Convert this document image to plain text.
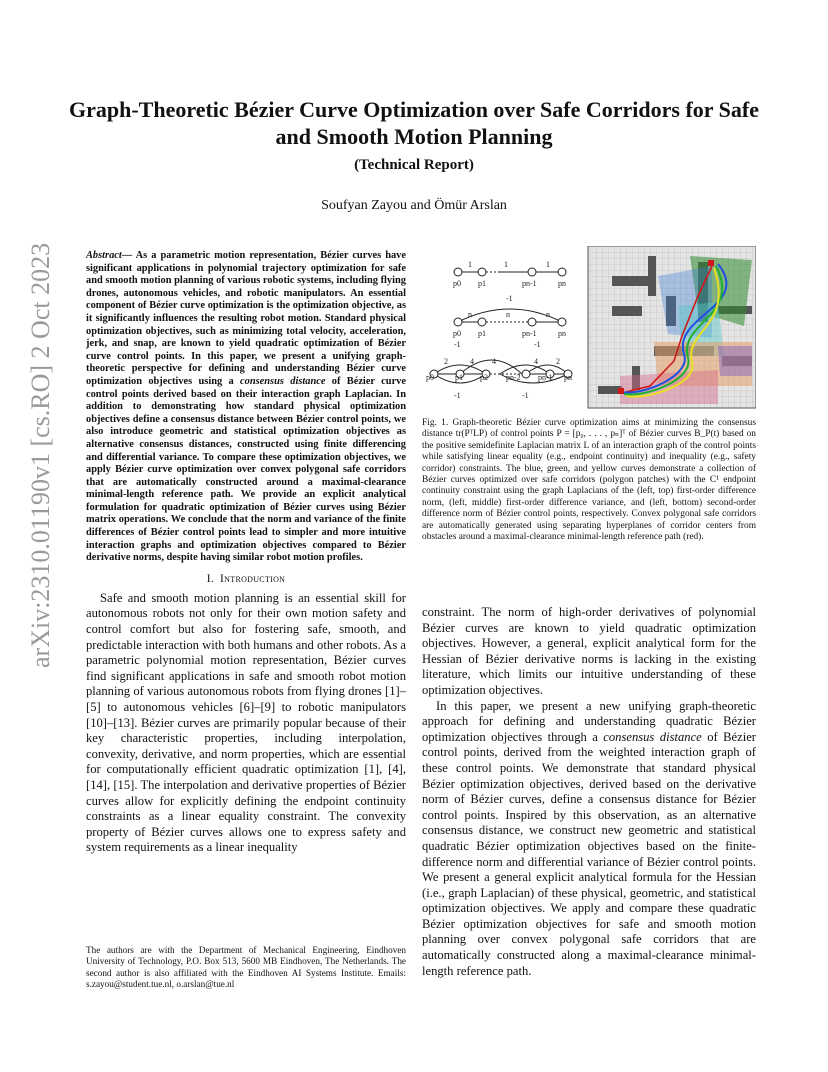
arXiv:2310.01190v1 [cs.RO] 2 Oct 2023
Graph-Theoretic Bézier Curve Optimization over Safe Corridors for Safe and Smooth Motion Planning
(Technical Report)
Soufyan Zayou and Ömür Arslan

Abstract— As a parametric motion representation, Bézier curves have significant applications in polynomial trajectory optimization for safe and smooth motion planning of various robotic systems, including flying drones, autonomous vehicles, and robotic manipulators. An essential component of Bézier curve optimization is the optimization objective, as it significantly influences the resulting robot motion. Standard physical optimization objectives, such as minimizing total velocity, acceleration, jerk, and snap, are known to yield quadratic optimization of Bézier curve control points. In this paper, we present a unifying graph-theoretic perspective for defining and understanding Bézier curve optimization objectives using a consensus distance of Bézier curve control points derived based on their interaction graph Laplacian. In addition to demonstrating how standard physical optimization objectives define a consensus distance between Bézier control points, we also introduce geometric and statistical optimization objectives as alternative consensus distances, constructed using finite differencing and differential variance. To compare these optimization objectives, we apply Bézier curve optimization over convex polygonal safe corridors that are automatically constructed around a maximal-clearance minimal-length reference path. We provide an explicit analytical formulation for quadratic optimization of Bézier curves using Bézier matrix operations. We conclude that the norm and variance of the finite differences of Bézier control points lead to simpler and more intuitive interaction graphs and optimization objectives compared to Bézier derivative norms, despite having similar robot motion profiles.

I. Introduction

Safe and smooth motion planning is an essential skill for autonomous robots not only for their own motion safety and control comfort but also for fostering safe, smooth, and predictable interaction with both humans and other robots. As a parametric polynomial motion representation, Bézier curves find significant applications in safe and smooth robot motion planning of various autonomous robots from flying drones [1]–[5] to autonomous vehicles [6]–[9] to robotic manipulators [10]–[13]. Bézier curves are primarily popular because of their key characteristic properties, including interpolation, convexity, derivative, and norm properties, which are essential for computationally efficient quadratic optimization [1], [4], [14], [15]. The interpolation and derivative properties of Bézier curves allow for explicitly defining the endpoint continuity constraints as a linear equality constraint. The convexity property of Bézier curves allows one to express safety and system requirements as a linear inequality

The authors are with the Department of Mechanical Engineering, Eindhoven University of Technology, P.O. Box 513, 5600 MB Eindhoven, The Netherlands. The second author is also affiliated with the Eindhoven AI Systems Institute. Emails: s.zayou@student.tue.nl, o.arslan@tue.nl
1	1	1
p0 p1	pn-1	pn
-1
n	n	n
p0 p1	pn-1	pn
2	4 4	4 2
-1	-1
-1	-1
p0	p1 p2 pn-2 pn-1 pn
Fig. 1. Graph-theoretic Bézier curve optimization aims at minimizing the consensus distance tr(PᵀLP) of control points P = [p₀, . . . , pₙ]ᵀ of Bézier curves B_P(t) based on the positive semidefinite Laplacian matrix L of an interaction graph of the control points while satisfying linear equality (e.g., endpoint continuity) and inequality (e.g., safety corridor) constraints. The blue, green, and yellow curves demonstrate a collection of Bézier curves optimized over safe corridors (polygon patches) with the C¹ endpoint continuity constraint using the graph Laplacians of the (left, top) first-order difference norm, (left, middle) first-order difference variance, and (left, bottom) second-order difference norm of Bézier control points, respectively. Convex polygonal safe corridors are automatically generated using separating hyperplanes of corridor centers from obstacles around a maximal-clearance minimal-length reference path (red).

constraint. The norm of high-order derivatives of polynomial Bézier curves are known to yield quadratic optimization objectives. However, a general, explicit analytical form for the Hessian of Bézier derivative norms is lacking in the existing literature, which limits our intuitive understanding of these optimization objectives.

In this paper, we present a new unifying graph-theoretic approach for defining and understanding quadratic Bézier optimization objectives through a consensus distance of Bézier control points, derived from the weighted interaction graph of these control points. We demonstrate that standard physical Bézier optimization objectives, derived based on the derivative norm of Bézier curves, define a consensus distance for Bézier control points. Inspired by this observation, as an alternative consensus distance, we construct new geometric and statistical quadratic Bézier optimization objectives based on the finite-difference norm and differential variance of Bézier control points. We present a general explicit analytical formula for the Hessian (i.e., graph Laplacian) of these physical, geometric, and statistical optimization objectives. We apply and compare these quadratic Bézier optimization objectives for safe and smooth motion planning over convex polygonal safe corridors that are automatically constructed along a maximal-clearance minimal-length reference path.
